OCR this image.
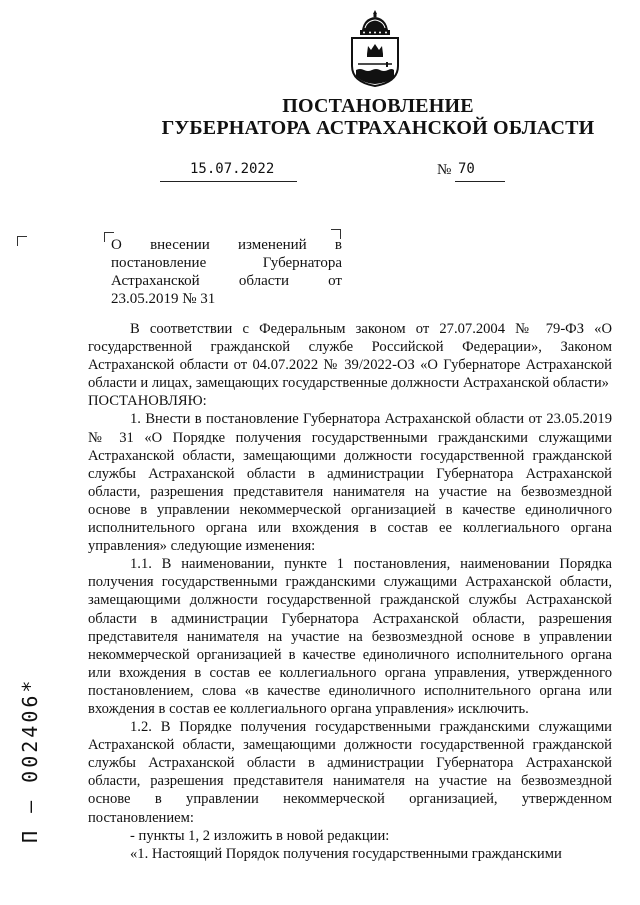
ПОСТАНОВЛЕНИЕ
ГУБЕРНАТОРА АСТРАХАНСКОЙ ОБЛАСТИ
15.07.2022	№ 70
О внесении изменений в постановление Губернатора Астраханской области от 23.05.2019 № 31

В соответствии с Федеральным законом от 27.07.2004 № 79-ФЗ «О государственной гражданской службе Российской Федерации», Законом Астраханской области от 04.07.2022 № 39/2022-ОЗ «О Губернаторе Астраханской области и лицах, замещающих государственные должности Астраханской области»

ПОСТАНОВЛЯЮ:

1. Внести в постановление Губернатора Астраханской области от 23.05.2019 № 31 «О Порядке получения государственными гражданскими служащими Астраханской области, замещающими должности государственной гражданской службы Астраханской области в администрации Губернатора Астраханской области, разрешения представителя нанимателя на участие на безвозмездной основе в управлении некоммерческой организацией в качестве единоличного исполнительного органа или вхождения в состав ее коллегиального органа управления» следующие изменения:

1.1. В наименовании, пункте 1 постановления, наименовании Порядка получения государственными гражданскими служащими Астраханской области, замещающими должности государственной гражданской службы Астраханской области в администрации Губернатора Астраханской области, разрешения представителя нанимателя на участие на безвозмездной основе в управлении некоммерческой организацией в качестве единоличного исполнительного органа или вхождения в состав ее коллегиального органа управления, утвержденного постановлением, слова «в качестве единоличного исполнительного органа или вхождения в состав ее коллегиального органа управления» исключить.

1.2. В Порядке получения государственными гражданскими служащими Астраханской области, замещающими должности государственной гражданской службы Астраханской области в администрации Губернатора Астраханской области, разрешения представителя нанимателя на участие на безвозмездной основе в управлении некоммерческой организацией, утвержденном постановлением:

- пункты 1, 2 изложить в новой редакции:

«1. Настоящий Порядок получения государственными гражданскими

П – 002406*
